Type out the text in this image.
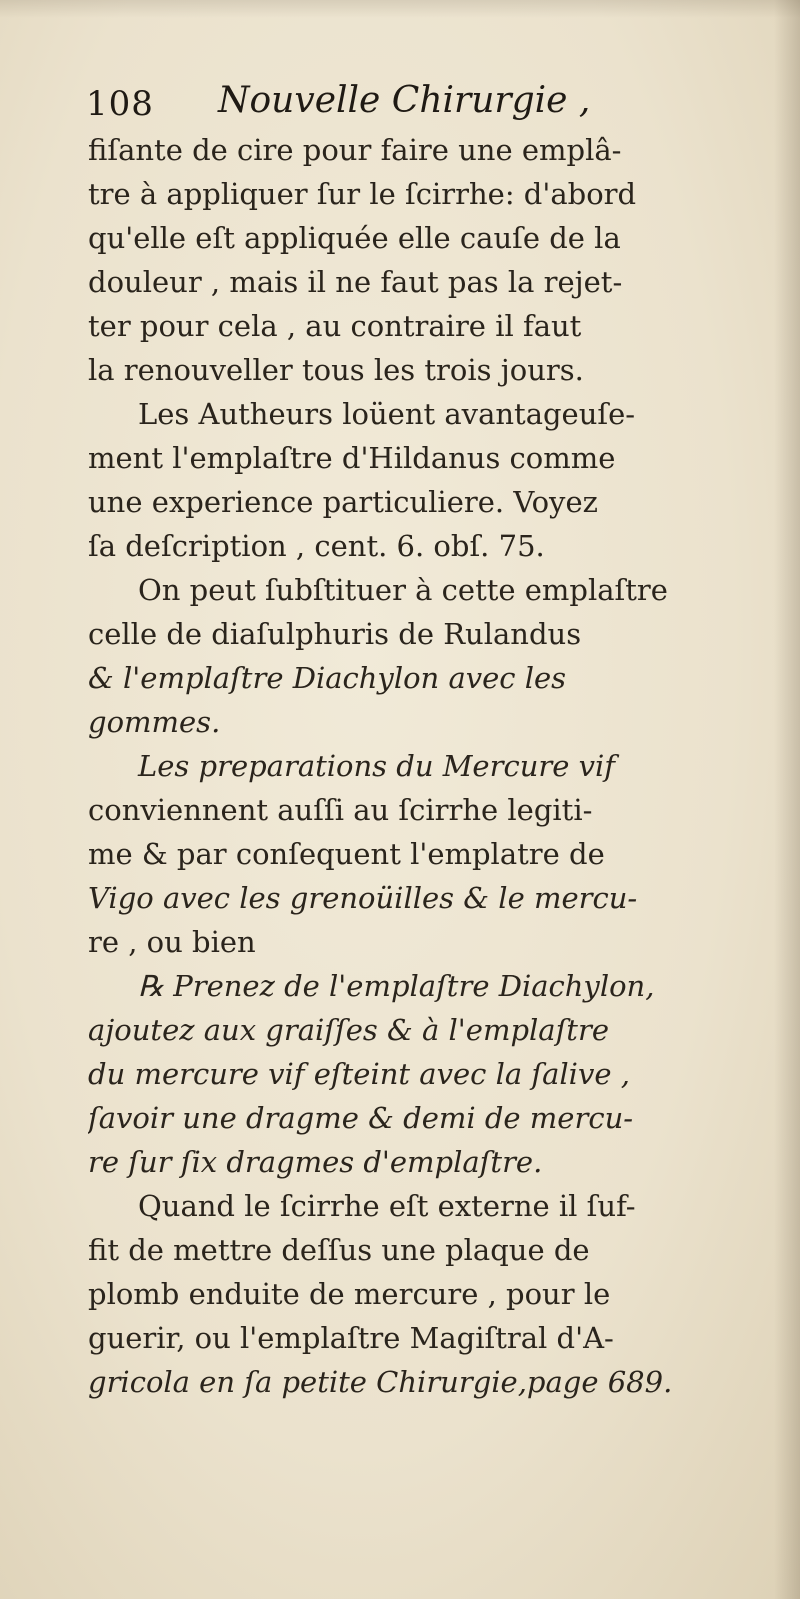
108 Nouvelle Chirurgie ,
fiſante de cire pour faire une emplâ-
tre à appliquer ſur le ſcirrhe: d'abord
qu'elle eſt appliquée elle cauſe de la
douleur , mais il ne faut pas la rejet-
ter pour cela , au contraire il faut
la renouveller tous les trois jours.
Les Autheurs loüent avantageuſe-
ment l'emplaſtre d'Hildanus comme
une experience particuliere. Voyez
ſa deſcription , cent. 6. obſ. 75.
On peut ſubſtituer à cette emplaſtre
celle de diaſulphuris de Rulandus
& l'emplaſtre Diachylon avec les
gommes.
Les preparations du Mercure vif
conviennent auſſi au ſcirrhe legiti-
me & par conſequent l'emplatre de
Vigo avec les grenoüilles & le mercu-
re , ou bien
℞ Prenez de l'emplaſtre Diachylon,
ajoutez aux graiſſes & à l'emplaſtre
du mercure vif eſteint avec la ſalive ,
ſavoir une dragme & demi de mercu-
re ſur ſix dragmes d'emplaſtre.
Quand le ſcirrhe eſt externe il ſuf-
fit de mettre deſſus une plaque de
plomb enduite de mercure , pour le
guerir, ou l'emplaſtre Magiſtral d'A-
gricola en ſa petite Chirurgie,page 689.
